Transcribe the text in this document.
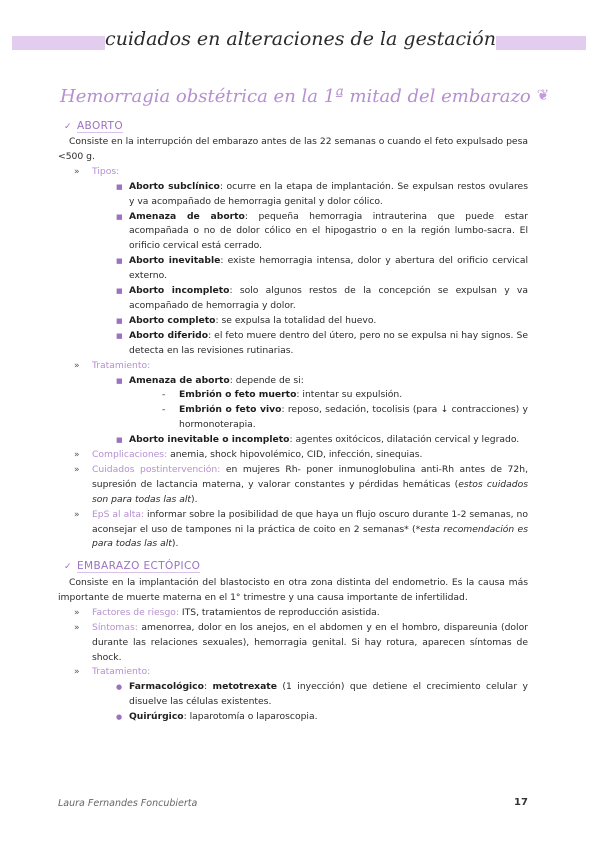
cuidados en alteraciones de la gestación
Hemorragia obstétrica en la 1ª mitad del embarazo ❦
✓ ABORTO

Consiste en la interrupción del embarazo antes de las 22 semanas o cuando el feto expulsado pesa <500 g.

» Tipos:

■ Aborto subclínico: ocurre en la etapa de implantación. Se expulsan restos ovulares y va acompañado de hemorragia genital y dolor cólico.

■ Amenaza de aborto: pequeña hemorragia intrauterina que puede estar acompañada o no de dolor cólico en el hipogastrio o en la región lumbo-sacra. El orificio cervical está cerrado.

■ Aborto inevitable: existe hemorragia intensa, dolor y abertura del orificio cervical externo.

■ Aborto incompleto: solo algunos restos de la concepción se expulsan y va acompañado de hemorragia y dolor.

■ Aborto completo: se expulsa la totalidad del huevo.

■ Aborto diferido: el feto muere dentro del útero, pero no se expulsa ni hay signos. Se detecta en las revisiones rutinarias.

» Tratamiento:

■ Amenaza de aborto: depende de si:

- Embrión o feto muerto: intentar su expulsión.

- Embrión o feto vivo: reposo, sedación, tocolisis (para ↓ contracciones) y hormonoterapia.

■ Aborto inevitable o incompleto: agentes oxitócicos, dilatación cervical y legrado.

» Complicaciones: anemia, shock hipovolémico, CID, infección, sinequias.

» Cuidados postintervención: en mujeres Rh- poner inmunoglobulina anti-Rh antes de 72h, supresión de lactancia materna, y valorar constantes y pérdidas hemáticas (estos cuidados son para todas las alt).

» EpS al alta: informar sobre la posibilidad de que haya un flujo oscuro durante 1-2 semanas, no aconsejar el uso de tampones ni la práctica de coito en 2 semanas* (*esta recomendación es para todas las alt).

✓ EMBARAZO ECTÓPICO

Consiste en la implantación del blastocisto en otra zona distinta del endometrio. Es la causa más importante de muerte materna en el 1° trimestre y una causa importante de infertilidad.

» Factores de riesgo: ITS, tratamientos de reproducción asistida.

» Síntomas: amenorrea, dolor en los anejos, en el abdomen y en el hombro, dispareunia (dolor durante las relaciones sexuales), hemorragia genital. Si hay rotura, aparecen síntomas de shock.

» Tratamiento:

● Farmacológico: metotrexate (1 inyección) que detiene el crecimiento celular y disuelve las células existentes.

● Quirúrgico: laparotomía o laparoscopia.

Laura Fernandes Foncubierta	17
